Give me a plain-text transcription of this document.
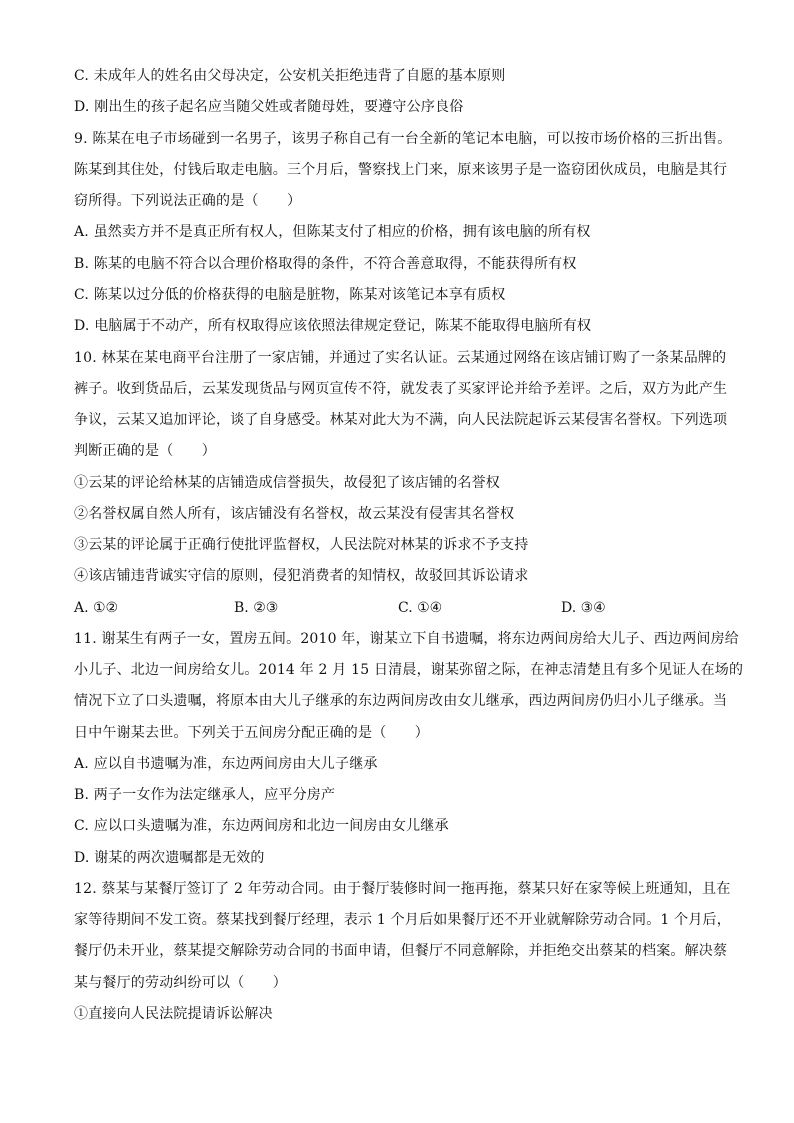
C. 未成年人的姓名由父母决定，公安机关拒绝违背了自愿的基本原则
D. 刚出生的孩子起名应当随父姓或者随母姓，要遵守公序良俗
9. 陈某在电子市场碰到一名男子，该男子称自己有一台全新的笔记本电脑，可以按市场价格的三折出售。
陈某到其住处，付钱后取走电脑。三个月后，警察找上门来，原来该男子是一盗窃团伙成员，电脑是其行
窃所得。下列说法正确的是（　　）
A. 虽然卖方并不是真正所有权人，但陈某支付了相应的价格，拥有该电脑的所有权
B. 陈某的电脑不符合以合理价格取得的条件，不符合善意取得，不能获得所有权
C. 陈某以过分低的价格获得的电脑是脏物，陈某对该笔记本享有质权
D. 电脑属于不动产，所有权取得应该依照法律规定登记，陈某不能取得电脑所有权
10. 林某在某电商平台注册了一家店铺，并通过了实名认证。云某通过网络在该店铺订购了一条某品牌的
裤子。收到货品后，云某发现货品与网页宣传不符，就发表了买家评论并给予差评。之后，双方为此产生
争议，云某又追加评论，谈了自身感受。林某对此大为不满，向人民法院起诉云某侵害名誉权。下列选项
判断正确的是（　　）
①云某的评论给林某的店铺造成信誉损失，故侵犯了该店铺的名誉权
②名誉权属自然人所有，该店铺没有名誉权，故云某没有侵害其名誉权
③云某的评论属于正确行使批评监督权，人民法院对林某的诉求不予支持
④该店铺违背诚实守信的原则，侵犯消费者的知情权，故驳回其诉讼请求
A. ①②	B. ②③	C. ①④	D. ③④
11. 谢某生有两子一女，置房五间。2010 年，谢某立下自书遗嘱，将东边两间房给大儿子、西边两间房给
小儿子、北边一间房给女儿。2014 年 2 月 15 日清晨，谢某弥留之际，在神志清楚且有多个见证人在场的
情况下立了口头遗嘱，将原本由大儿子继承的东边两间房改由女儿继承，西边两间房仍归小儿子继承。当
日中午谢某去世。下列关于五间房分配正确的是（　　）
A. 应以自书遗嘱为准，东边两间房由大儿子继承
B. 两子一女作为法定继承人，应平分房产
C. 应以口头遗嘱为准，东边两间房和北边一间房由女儿继承
D. 谢某的两次遗嘱都是无效的
12. 蔡某与某餐厅签订了 2 年劳动合同。由于餐厅装修时间一拖再拖，蔡某只好在家等候上班通知，且在
家等待期间不发工资。蔡某找到餐厅经理，表示 1 个月后如果餐厅还不开业就解除劳动合同。1 个月后，
餐厅仍未开业，蔡某提交解除劳动合同的书面申请，但餐厅不同意解除，并拒绝交出蔡某的档案。解决蔡
某与餐厅的劳动纠纷可以（　　）
①直接向人民法院提请诉讼解决
